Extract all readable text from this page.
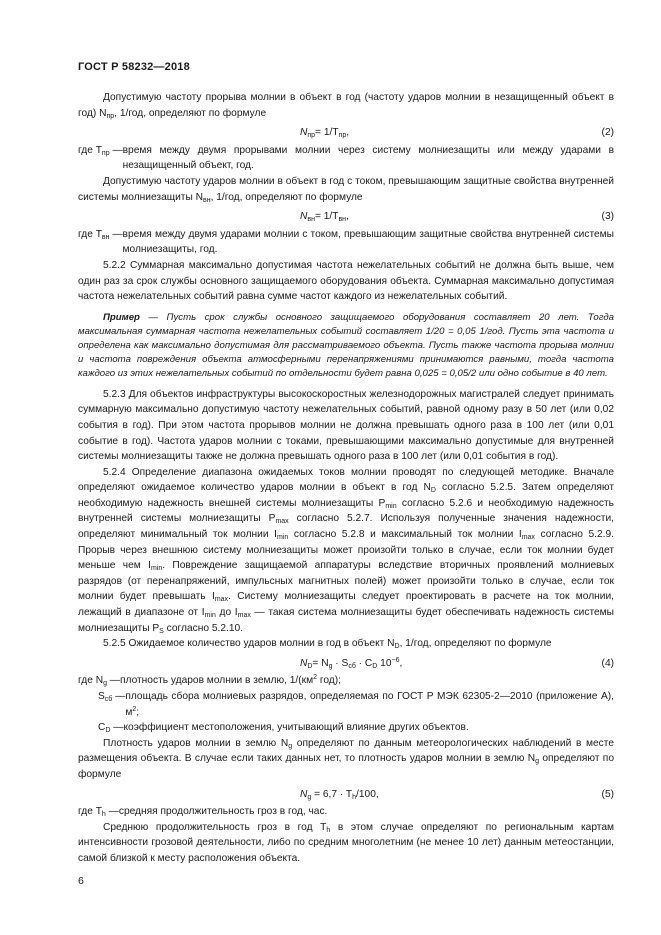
ГОСТ Р 58232—2018

Допустимую частоту прорыва молнии в объект в год (частоту ударов молнии в незащищенный объект в год) $N_{пр}$, 1/год, определяют по формуле

$N_{пр}= 1/T_{пр}$,	(2)
где $T_{пр}$ — время между двумя прорывами молнии через систему молниезащиты или между ударами в незащищенный объект, год.

Допустимую частоту ударов молнии в объект в год с током, превышающим защитные свойства внутренней системы молниезащиты $N_{вн}$, 1/год, определяют по формуле

$N_{вн}= 1/T_{вн}$,	(3)
где $T_{вн}$ — время между двумя ударами молнии с током, превышающим защитные свойства внутренней системы молниезащиты, год.

5.2.2 Суммарная максимально допустимая частота нежелательных событий не должна быть выше, чем один раз за срок службы основного защищаемого оборудования объекта. Суммарная максимально допустимая частота нежелательных событий равна сумме частот каждого из нежелательных событий.

Пример — Пусть срок службы основного защищаемого оборудования составляет 20 лет. Тогда максимальная суммарная частота нежелательных событий составляет 1/20 = 0,05 1/год. Пусть эта частота и определена как максимально допустимая для рассматриваемого объекта. Пусть также частота прорыва молнии и частота повреждения объекта атмосферными перенапряжениями принимаются равными, тогда частота каждого из этих нежелательных событий по отдельности будет равна 0,025 = 0,05/2 или одно событие в 40 лет.

5.2.3 Для объектов инфраструктуры высокоскоростных железнодорожных магистралей следует принимать суммарную максимально допустимую частоту нежелательных событий, равной одному разу в 50 лет (или 0,02 события в год). При этом частота прорывов молнии не должна превышать одного раза в 100 лет (или 0,01 событие в год). Частота ударов молнии с токами, превышающими максимально допустимые для внутренней системы молниезащиты также не должна превышать одного раза в 100 лет (или 0,01 события в год).

5.2.4 Определение диапазона ожидаемых токов молнии проводят по следующей методике. Вначале определяют ожидаемое количество ударов молнии в объект в год $N_D$ согласно 5.2.5. Затем определяют необходимую надежность внешней системы молниезащиты $P_{min}$ согласно 5.2.6 и необходимую надежность внутренней системы молниезащиты $P_{max}$ согласно 5.2.7. Используя полученные значения надежности, определяют минимальный ток молнии $I_{min}$ согласно 5.2.8 и максимальный ток молнии $I_{max}$ согласно 5.2.9. Прорыв через внешнюю систему молниезащиты может произойти только в случае, если ток молнии будет меньше чем $I_{min}$. Повреждение защищаемой аппаратуры вследствие вторичных проявлений молниевых разрядов (от перенапряжений, импульсных магнитных полей) может произойти только в случае, если ток молнии будет превышать $I_{max}$. Систему молниезащиты следует проектировать в расчете на ток молнии, лежащий в диапазоне от $I_{min}$ до $I_{max}$ — такая система молниезащиты будет обеспечивать надежность системы молниезащиты $P_S$ согласно 5.2.10.

5.2.5 Ожидаемое количество ударов молнии в год в объект $N_D$, 1/год, определяют по формуле

$N_D= N_g \cdot S_{сб} \cdot C_D$ $10^{-6}$,	(4)
где $N_g$ — плотность ударов молнии в землю, $1/(км^2$ год);
$S_{сб}$ — площадь сбора молниевых разрядов, определяемая по ГОСТ Р МЭК 62305-2—2010 (приложение А), $м^2$;
$C_D$ — коэффициент местоположения, учитывающий влияние других объектов.

Плотность ударов молнии в землю $N_g$ определяют по данным метеорологических наблюдений в месте размещения объекта. В случае если таких данных нет, то плотность ударов молнии в землю $N_g$ определяют по формуле

$N_g = 6,7 \cdot T_h/100$,	(5)
где $T_h$ — средняя продолжительность гроз в год, час.

Среднюю продолжительность гроз в год $T_h$ в этом случае определяют по региональным картам интенсивности грозовой деятельности, либо по средним многолетним (не менее 10 лет) данным метеостанции, самой близкой к месту расположения объекта.

6
